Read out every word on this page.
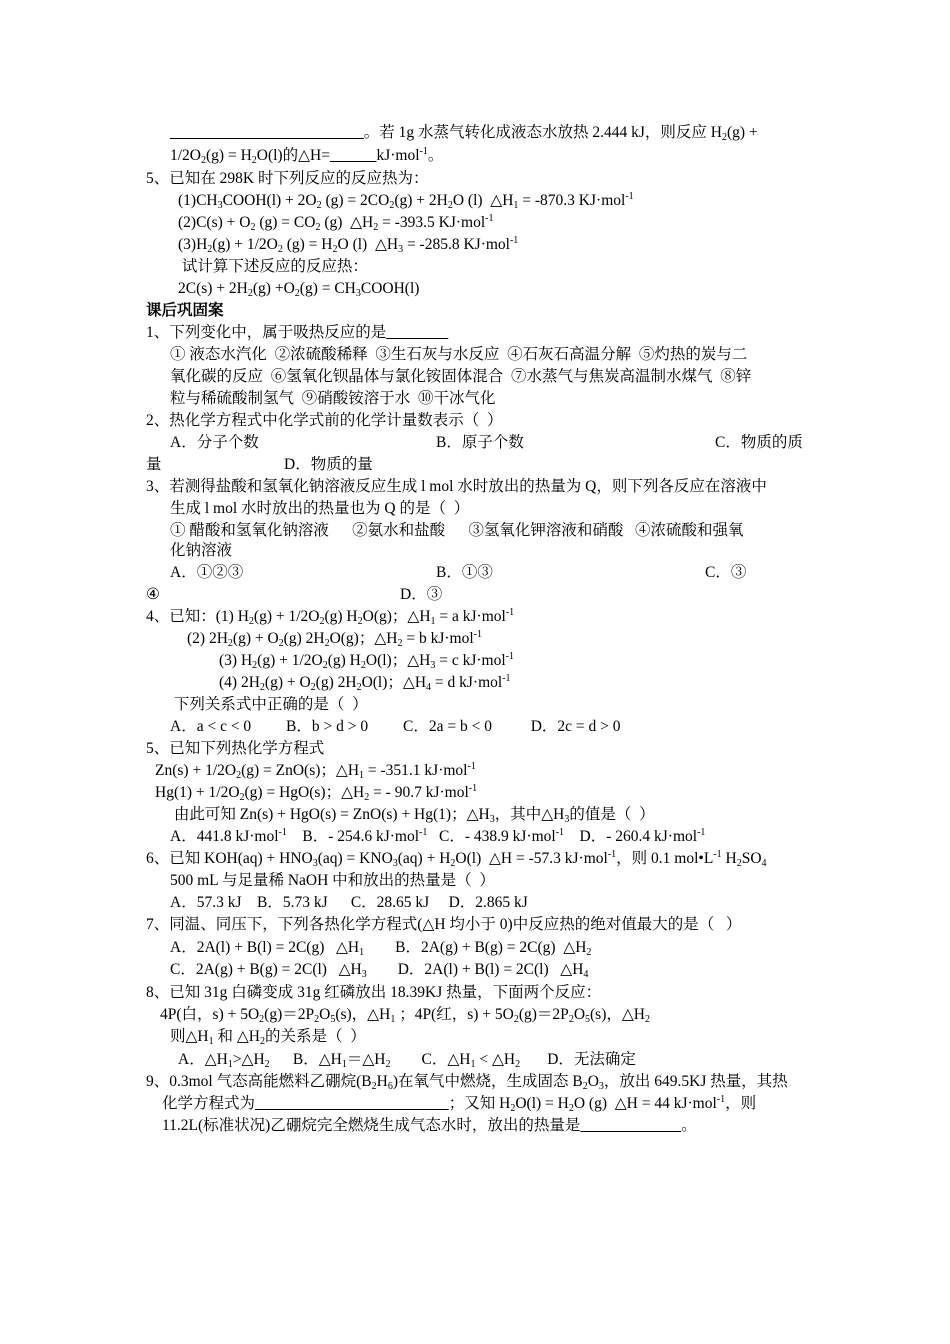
。若 1g 水蒸气转化成液态水放热 2.444 kJ，则反应 $H_2(g)$ +
$1/2O_2(g) = H_2O(l)$的△H=	kJ·mol$^{-1}$。
5、已知在 298K 时下列反应的反应热为：
$(1)CH_3COOH(l) + 2O_2$ $(g) = 2CO_2(g) + 2H_2O$ (l)  $\triangle H_1 = -870.3$ KJ·mol$^{-1}$
$(2)C(s) + O_2$ $(g) = CO_2$ (g)  $\triangle H_2 = -393.5$ KJ·mol$^{-1}$
$(3)H_2(g) + 1/2O_2$ $(g) = H_2O$ (l)  $\triangle H_3 = -285.8$ KJ·mol$^{-1}$
试计算下述反应的反应热：
$2C(s) + 2H_2(g) +O_2(g)$ = $CH_3COOH(l)$
课后巩固案
1、下列变化中，属于吸热反应的是
① 液态水汽化  ②浓硫酸稀释  ③生石灰与水反应  ④石灰石高温分解  ⑤灼热的炭与二
氧化碳的反应  ⑥氢氧化钡晶体与氯化铵固体混合  ⑦水蒸气与焦炭高温制水煤气  ⑧锌
粒与稀硫酸制氢气  ⑨硝酸铵溶于水  ⑩干冰气化
2、热化学方程式中化学式前的化学计量数表示（  ）
A．分子个数	B．原子个数	C．物质的质
量	D．物质的量
3、若测得盐酸和氢氧化钠溶液反应生成 l mol 水时放出的热量为 Q，则下列各反应在溶液中
生成 l mol 水时放出的热量也为 Q 的是（  ）
① 醋酸和氢氧化钠溶液      ②氨水和盐酸      ③氢氧化钾溶液和硝酸   ④浓硫酸和强氧
化钠溶液
A．①②③	B．①③	C．③
④	D．③
4、已知：(1) $H_2(g) + 1/2O_2(g)$ $H_2O(g)$；$\triangle H_1 = a$ kJ·mol$^{-1}$
(2) $2H_2(g) + O_2(g)$ $2H_2O(g)$；$\triangle H_2 = b$ kJ·mol$^{-1}$
(3) $H_2(g) + 1/2O_2(g)$ $H_2O(l)$；$\triangle H_3 = c$ kJ·mol$^{-1}$
(4) $2H_2(g) + O_2(g)$ $2H_2O(l)$；$\triangle H_4 = d$ kJ·mol$^{-1}$
下列关系式中正确的是（  ）
A．a < c < 0         B．b > d > 0         C．2a = b < 0          D．2c = d > 0
5、已知下列热化学方程式
$Zn(s) + 1/2O_2(g) = ZnO(s)$；$\triangle H_1 = -351.1$ kJ·mol$^{-1}$
$Hg(1) + 1/2O_2(g) = HgO(s)$；$\triangle H_2$ = - 90.7 kJ·mol$^{-1}$
由此可知 Zn(s) + HgO(s) = ZnO(s) + Hg(1)；$\triangle H_3$，其中$\triangle H_3$的值是（  ）
A．441.8 kJ·mol$^{-1}$    B．- 254.6 kJ·mol$^{-1}$   C．- 438.9 kJ·mol$^{-1}$    D．- 260.4 kJ·mol$^{-1}$
6、已知 $KOH(aq) + HNO_3(aq) = KNO_3(aq) + H_2O(l)$  △H = -57.3 kJ·mol$^{-1}$，则 0.1 $mol•L^{-1}$ $H_2SO_4$
500 mL 与足量稀 NaOH 中和放出的热量是（  ）
A．57.3 kJ    B．5.73 kJ      C．28.65 kJ     D．2.865 kJ
7、同温、同压下，下列各热化学方程式(△H 均小于 0)中反应热的绝对值最大的是（   ）
A．2A(l) + B(l) = 2C(g)   $\triangle H_1$        B．2A(g) + B(g) = 2C(g)  $\triangle H_2$
C．2A(g) + B(g) = 2C(l)   $\triangle H_3$        D．2A(l) + B(l) = 2C(l)   $\triangle H_4$
8、已知 31g 白磷变成 31g 红磷放出 18.39KJ 热量，下面两个反应：
4P(白，$s) + 5O_2(g)=2P_2O_5(s)$，$\triangle H_1$ ；4P(红，$s) + 5O_2(g)=2P_2O_5(s)$，$\triangle H_2$
则$\triangle H_1$ 和 $\triangle H_2$的关系是（  ）
A．$\triangle H_1>\triangle H_2$      B．$\triangle H_1=\triangle H_2$        C．$\triangle H_1$ < $\triangle H_2$       D．无法确定
9、0.3mol 气态高能燃料乙硼烷$(B_2H_6)$在氧气中燃烧，生成固态 $B_2O_3$，放出 649.5KJ 热量，其热
化学方程式为	；又知 $H_2O(l) = H_2O$ (g)  △H = 44 kJ·mol$^{-1}$，则
11.2L(标准状况)乙硼烷完全燃烧生成气态水时，放出的热量是	。
